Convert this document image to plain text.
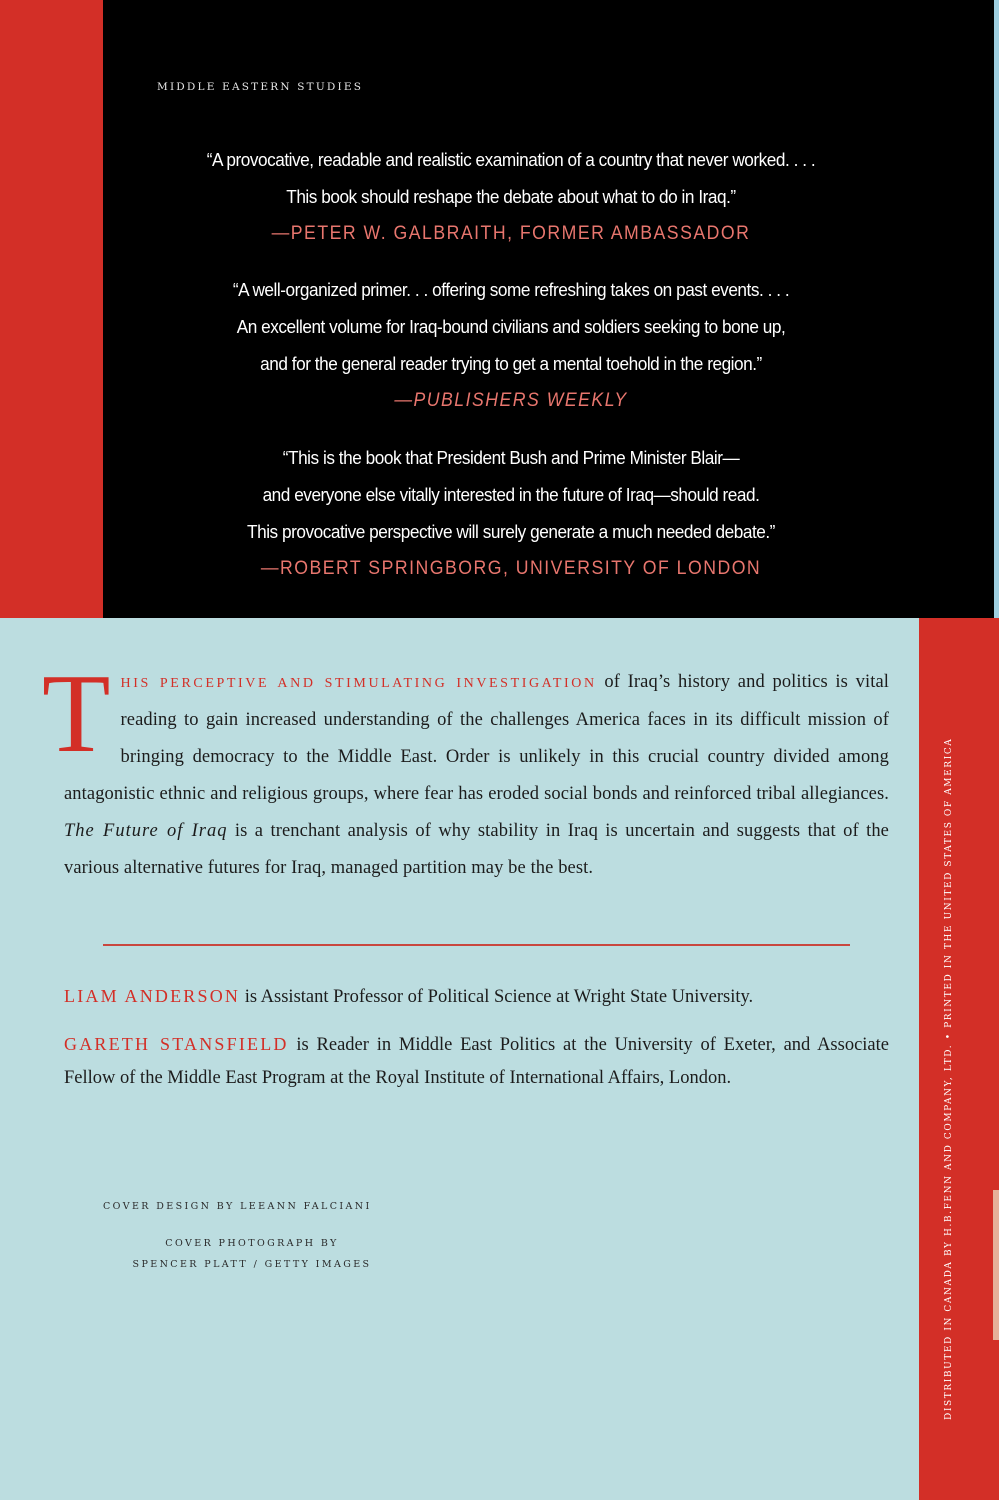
MIDDLE EASTERN STUDIES
“A provocative, readable and realistic examination of a country that never worked. . . .
This book should reshape the debate about what to do in Iraq.”
—PETER W. GALBRAITH, FORMER AMBASSADOR
“A well-organized primer. . . offering some refreshing takes on past events. . . .
An excellent volume for Iraq-bound civilians and soldiers seeking to bone up,
and for the general reader trying to get a mental toehold in the region.”
—PUBLISHERS WEEKLY
“This is the book that President Bush and Prime Minister Blair—
and everyone else vitally interested in the future of Iraq—should read.
This provocative perspective will surely generate a much needed debate.”
—ROBERT SPRINGBORG, UNIVERSITY OF LONDON
DISTRIBUTED IN CANADA BY H.B.FENN AND COMPANY, LTD. • PRINTED IN THE UNITED STATES OF AMERICA
THIS PERCEPTIVE AND STIMULATING INVESTIGATION of Iraq’s history and politics is vital reading to gain increased understanding of the challenges America faces in its difficult mission of bringing democracy to the Middle East. Order is unlikely in this crucial country divided among antagonistic ethnic and religious groups, where fear has eroded social bonds and reinforced tribal allegiances. The Future of Iraq is a trenchant analysis of why stability in Iraq is uncertain and suggests that of the various alternative futures for Iraq, managed partition may be the best.
LIAM ANDERSON is Assistant Professor of Political Science at Wright State University.
GARETH STANSFIELD is Reader in Middle East Politics at the University of Exeter, and Associate Fellow of the Middle East Program at the Royal Institute of International Affairs, London.
COVER DESIGN BY LEEANN FALCIANI
COVER PHOTOGRAPH BY
SPENCER PLATT / GETTY IMAGES
